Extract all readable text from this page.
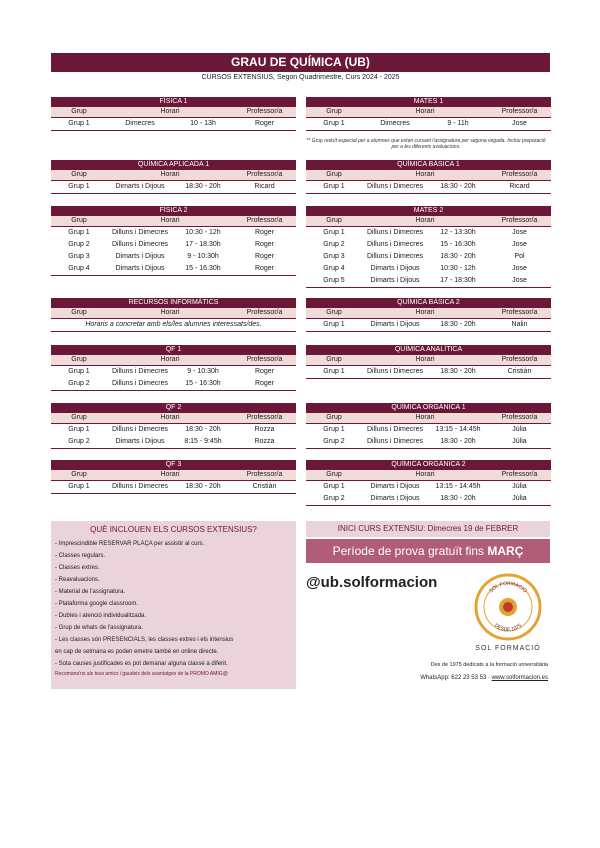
GRAU DE QUÍMICA (UB)
CURSOS EXTENSIUS, Segon Quadrimestre, Curs 2024 - 2025
FÍSICA 1
Grup	Horari	Professor/a
Grup 1	Dimecres	10 - 13h	Roger
MATES 1
Grup	Horari	Professor/a
Grup 1	Dimecres	9 - 11h	Jose
** Grup reduït especial per a alumnes que estan cursant l'assignatura per segona vegada. Inclou preparació per a les diferents avaluacions.
QUÍMICA APLICADA 1
Grup	Horari	Professor/a
Grup 1	Dimarts i Dijous	18:30 - 20h	Ricard
QUÍMICA BÀSICA 1
Grup	Horari	Professor/a
Grup 1	Dilluns i Dimecres	18:30 - 20h	Ricard
FÍSICA 2
Grup	Horari	Professor/a
Grup 1	Dilluns i Dimecres	10:30 - 12h	Roger
Grup 2	Dilluns i Dimecres	17 - 18:30h	Roger
Grup 3	Dimarts i Dijous	9 - 10:30h	Roger
Grup 4	Dimarts i Dijous	15 - 16:30h	Roger
MATES 2
Grup	Horari	Professor/a
Grup 1	Dilluns i Dimecres	12 - 13:30h	Jose
Grup 2	Dilluns i Dimecres	15 - 16:30h	Jose
Grup 3	Dilluns i Dimecres	18:30 - 20h	Pol
Grup 4	Dimarts i Dijous	10:30 - 12h	Jose
Grup 5	Dimarts i Dijous	17 - 18:30h	Jose
RECURSOS INFORMÀTICS
Grup	Horari	Professor/a
Horaris a concretar amb els/les alumnes interessats/des.
QUÍMICA BÀSICA 2
Grup	Horari	Professor/a
Grup 1	Dimarts i Dijous	18:30 - 20h	Nalin
QF 1
Grup	Horari	Professor/a
Grup 1	Dilluns i Dimecres	9 - 10:30h	Roger
Grup 2	Dilluns i Dimecres	15 - 16:30h	Roger
QUÍMICA ANALÍTICA
Grup	Horari	Professor/a
Grup 1	Dilluns i Dimecres	18:30 - 20h	Cristiàn
QF 2
Grup	Horari	Professor/a
Grup 1	Dilluns i Dimecres	18:30 - 20h	Rozza
Grup 2	Dimarts i Dijous	8:15 - 9:45h	Rozza
QUÍMICA ORGÀNICA 1
Grup	Horari	Professor/a
Grup 1	Dilluns i Dimecres	13:15 - 14:45h	Júlia
Grup 2	Dilluns i Dimecres	18:30 - 20h	Júlia
QF 3
Grup	Horari	Professor/a
Grup 1	Dilluns i Dimecres	18:30 - 20h	Cristiàn
QUÍMICA ORGÀNICA 2
Grup	Horari	Professor/a
Grup 1	Dimarts i Dijous	13:15 - 14:45h	Júlia
Grup 2	Dimarts i Dijous	18:30 - 20h	Júlia
QUÈ INCLOUEN ELS CURSOS EXTENSIUS?
- Imprescindible RESERVAR PLAÇA per assistir al curs.
- Classes regulars.
- Classes extres.
- Reavaluacions.
- Material de l'assignatura.
- Plataforma google classroom.
- Dubtes i atenció individualitzada.
- Grup de whats de l'assignatura.
- Les classes són PRESENCIALS, les classes extres i els intensius
en cap de setmana es poden emetre també en online directe.
- Sota causes justificades es pot demanar alguna classe a diferit.
Recomana'ns als teus amics i gaudeix dels avantatges de la PROMO AMIG@
INICI CURS EXTENSIU: Dimecres 19 de FEBRER
Període de prova gratuït fins MARÇ
@ub.solformacion	SOL FORMACIÓ
DESDE 1975
SOL FORMACIÓ
Des de 1975 dedicats a la formació universitària
WhatsApp: 622 23 53 53 · www.solformacion.es
